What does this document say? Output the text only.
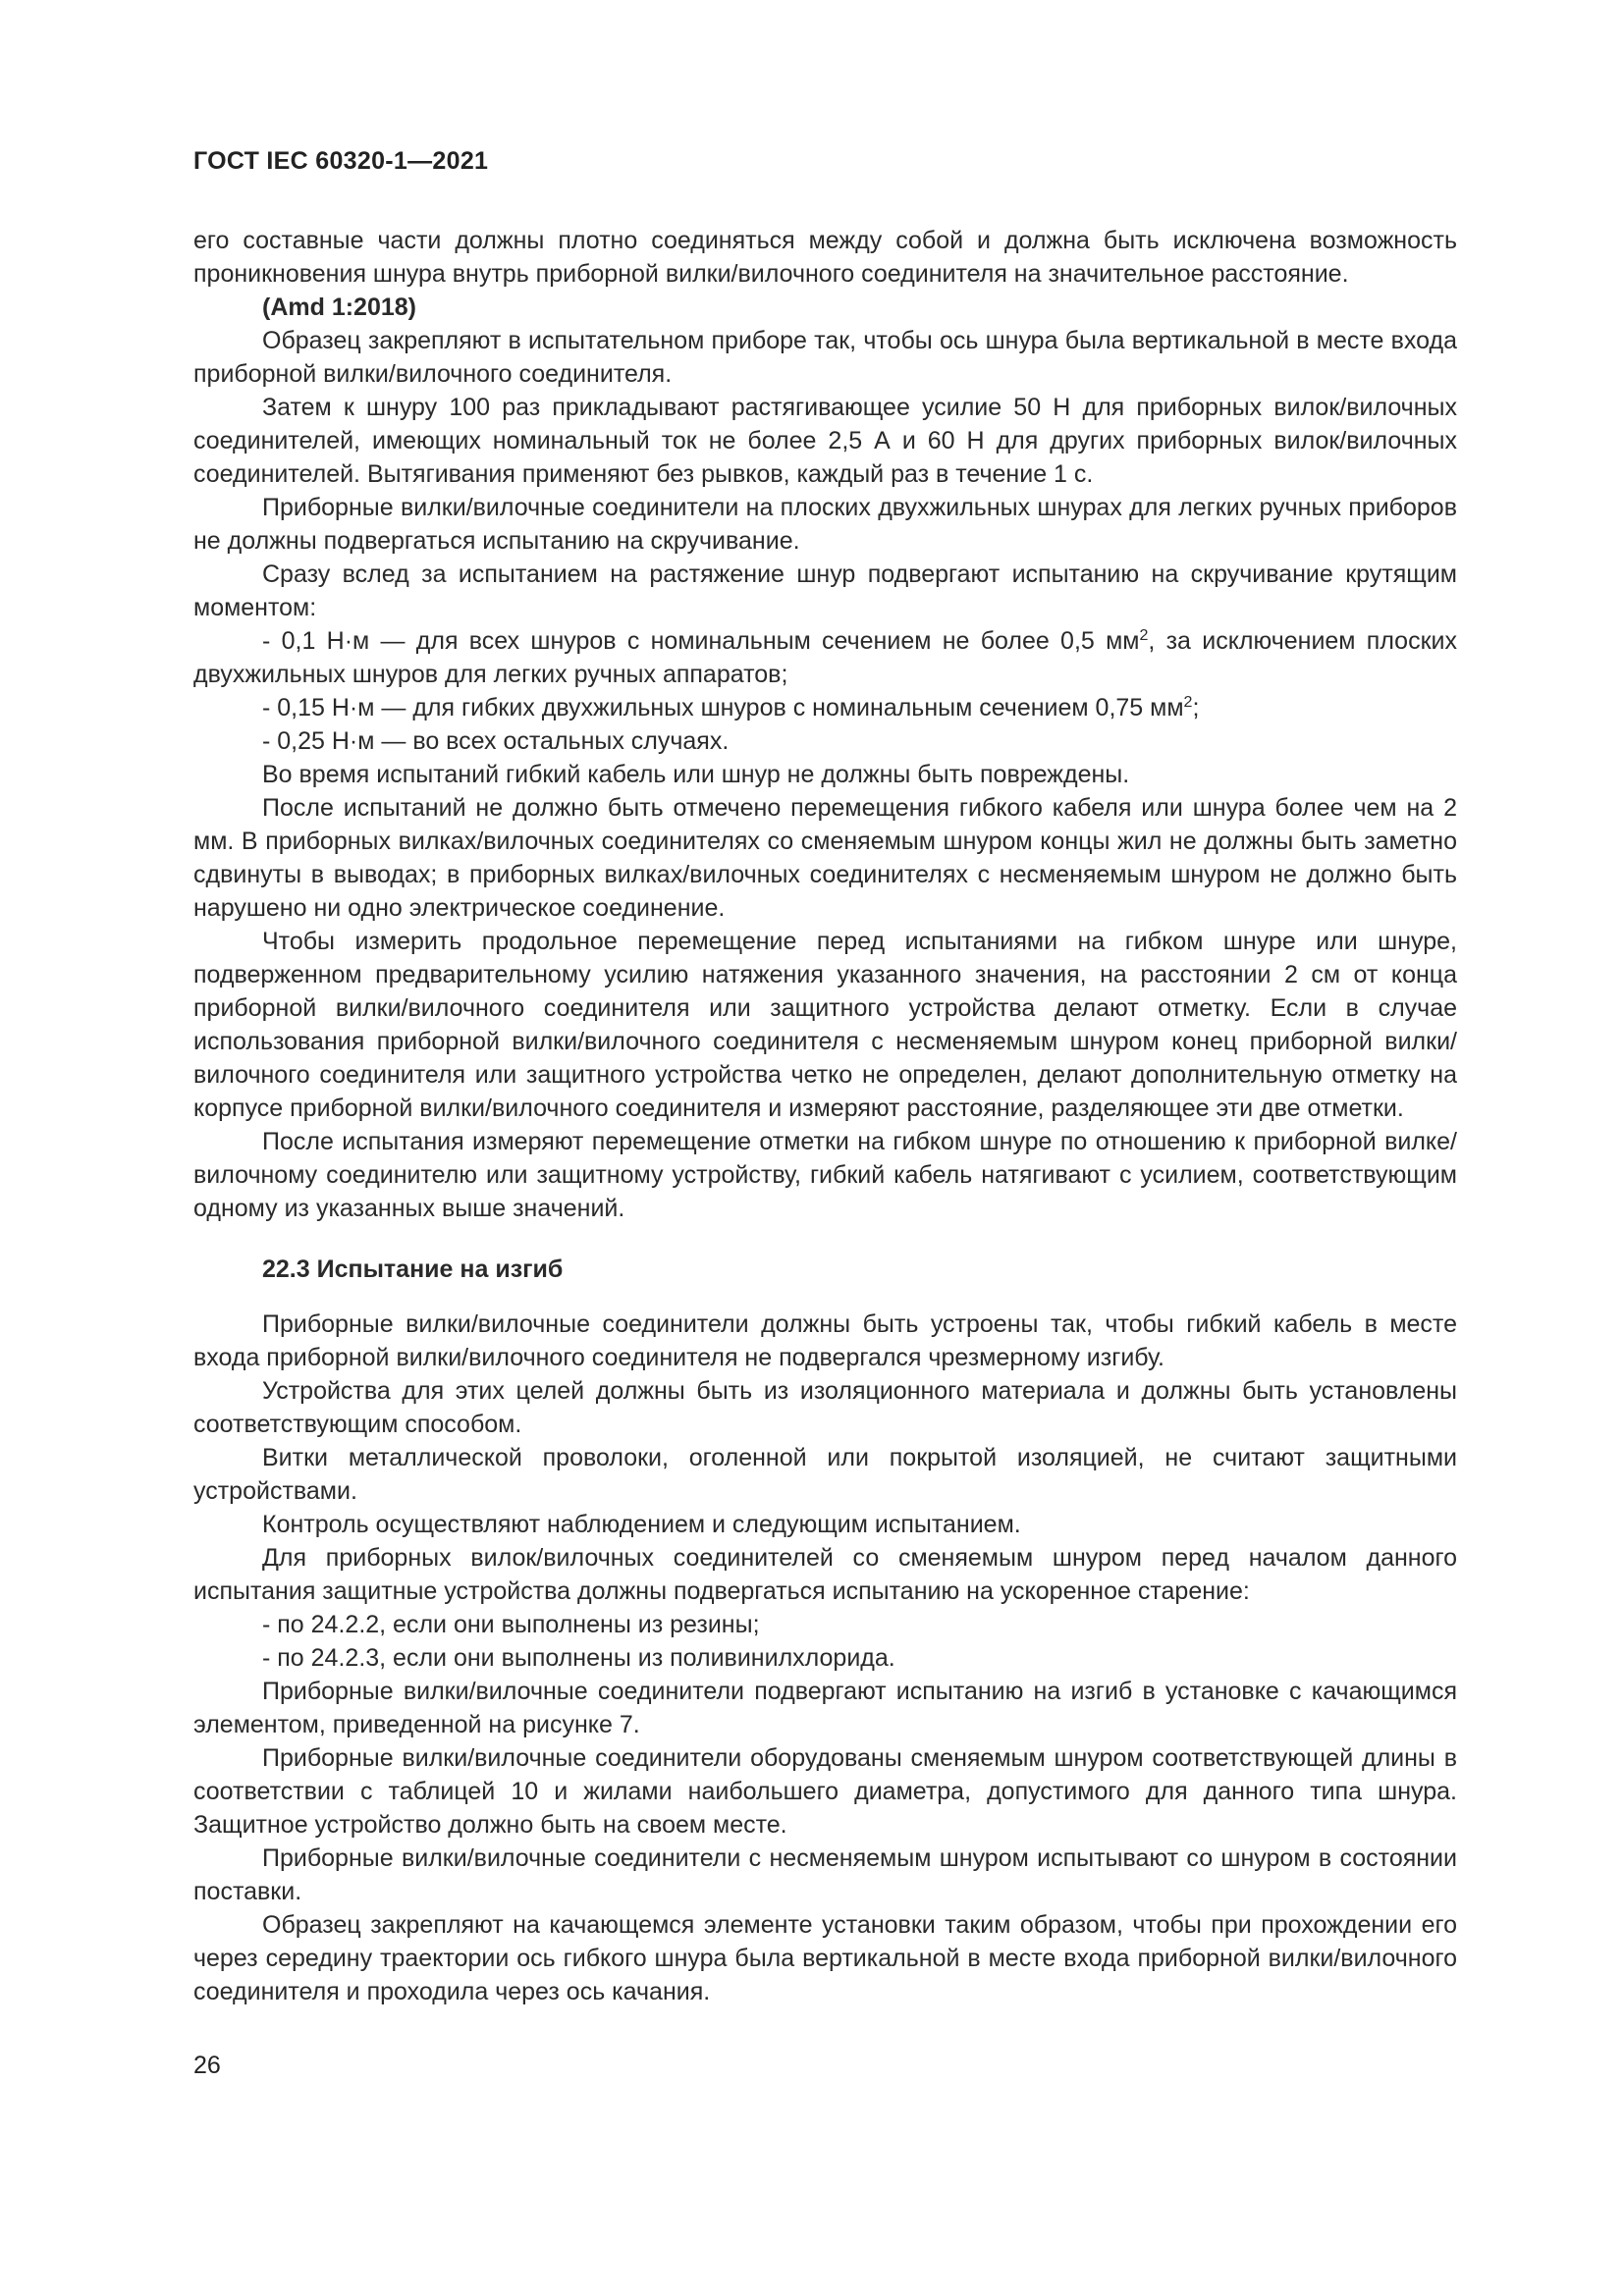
ГОСТ IEC 60320-1—2021

его составные части должны плотно соединяться между собой и должна быть исключена возможность проникновения шнура внутрь приборной вилки/вилочного соединителя на значительное расстояние.

(Amd 1:2018)

Образец закрепляют в испытательном приборе так, чтобы ось шнура была вертикальной в месте входа приборной вилки/вилочного соединителя.

Затем к шнуру 100 раз прикладывают растягивающее усилие 50 Н для приборных вилок/вилочных соединителей, имеющих номинальный ток не более 2,5 А и 60 Н для других приборных вилок/вилочных соединителей. Вытягивания применяют без рывков, каждый раз в течение 1 с.

Приборные вилки/вилочные соединители на плоских двухжильных шнурах для легких ручных приборов не должны подвергаться испытанию на скручивание.

Сразу вслед за испытанием на растяжение шнур подвергают испытанию на скручивание крутящим моментом:

- 0,1 Н·м — для всех шнуров с номинальным сечением не более 0,5 $мм^2$, за исключением плоских двухжильных шнуров для легких ручных аппаратов;

- 0,15 Н·м — для гибких двухжильных шнуров с номинальным сечением 0,75 $мм^2$;

- 0,25 Н·м — во всех остальных случаях.

Во время испытаний гибкий кабель или шнур не должны быть повреждены.

После испытаний не должно быть отмечено перемещения гибкого кабеля или шнура более чем на 2 мм. В приборных вилках/вилочных соединителях со сменяемым шнуром концы жил не должны быть заметно сдвинуты в выводах; в приборных вилках/вилочных соединителях с несменяемым шнуром не должно быть нарушено ни одно электрическое соединение.

Чтобы измерить продольное перемещение перед испытаниями на гибком шнуре или шнуре, подверженном предварительному усилию натяжения указанного значения, на расстоянии 2 см от конца приборной вилки/вилочного соединителя или защитного устройства делают отметку. Если в случае использования приборной вилки/вилочного соединителя с несменяемым шнуром конец приборной вилки/вилочного соединителя или защитного устройства четко не определен, делают дополнительную отметку на корпусе приборной вилки/вилочного соединителя и измеряют расстояние, разделяющее эти две отметки.

После испытания измеряют перемещение отметки на гибком шнуре по отношению к приборной вилке/вилочному соединителю или защитному устройству, гибкий кабель натягивают с усилием, соответствующим одному из указанных выше значений.

22.3 Испытание на изгиб

Приборные вилки/вилочные соединители должны быть устроены так, чтобы гибкий кабель в месте входа приборной вилки/вилочного соединителя не подвергался чрезмерному изгибу.

Устройства для этих целей должны быть из изоляционного материала и должны быть установлены соответствующим способом.

Витки металлической проволоки, оголенной или покрытой изоляцией, не считают защитными устройствами.

Контроль осуществляют наблюдением и следующим испытанием.

Для приборных вилок/вилочных соединителей со сменяемым шнуром перед началом данного испытания защитные устройства должны подвергаться испытанию на ускоренное старение:

- по 24.2.2, если они выполнены из резины;

- по 24.2.3, если они выполнены из поливинилхлорида.

Приборные вилки/вилочные соединители подвергают испытанию на изгиб в установке с качающимся элементом, приведенной на рисунке 7.

Приборные вилки/вилочные соединители оборудованы сменяемым шнуром соответствующей длины в соответствии с таблицей 10 и жилами наибольшего диаметра, допустимого для данного типа шнура. Защитное устройство должно быть на своем месте.

Приборные вилки/вилочные соединители с несменяемым шнуром испытывают со шнуром в состоянии поставки.

Образец закрепляют на качающемся элементе установки таким образом, чтобы при прохождении его через середину траектории ось гибкого шнура была вертикальной в месте входа приборной вилки/вилочного соединителя и проходила через ось качания.

26
